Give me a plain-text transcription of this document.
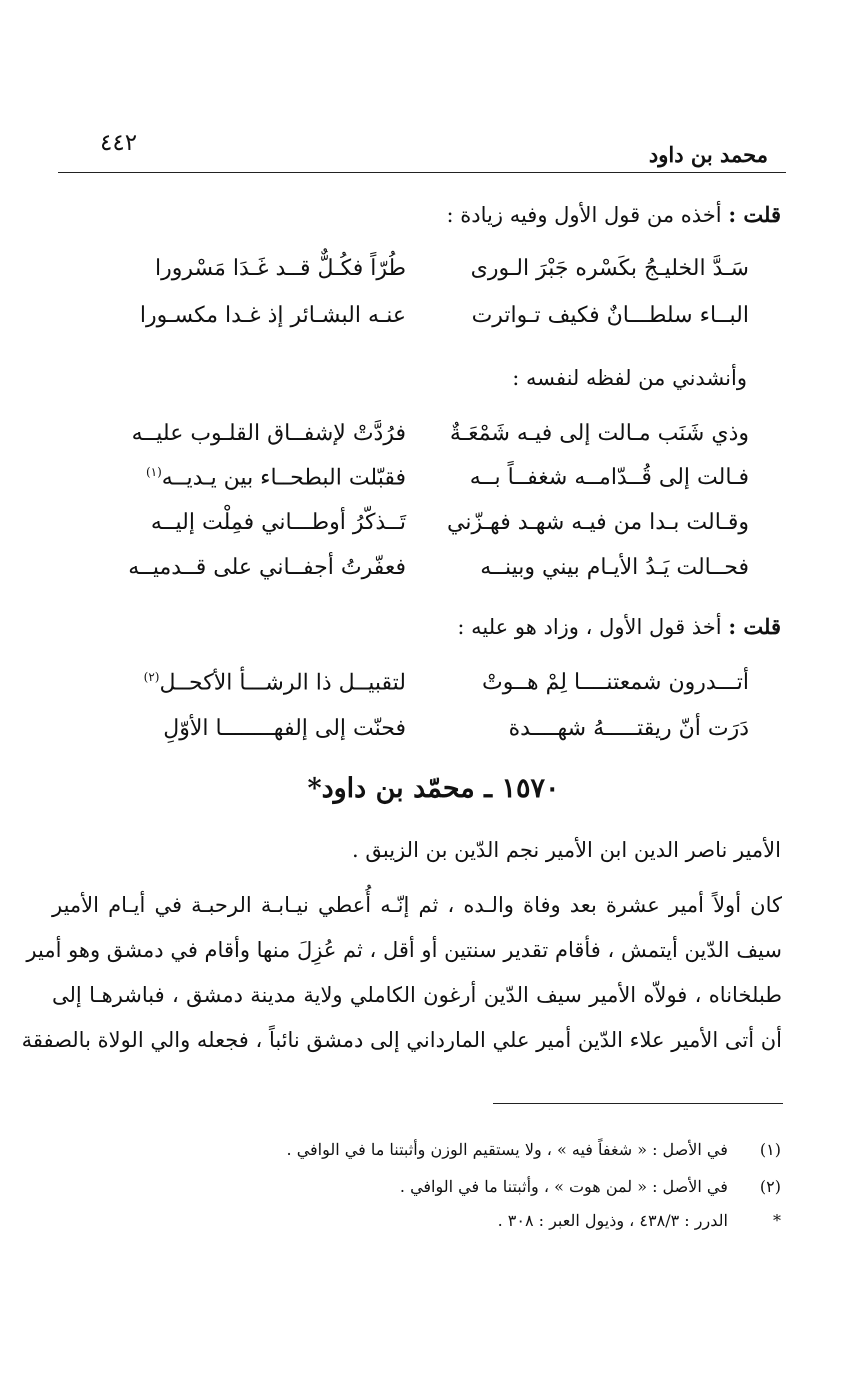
٤٤٢	محمد بن داود
قلت : أخذه من قول الأول وفيه زيادة :
سَـدَّ الخليـجُ بكَسْره جَبْرَ الـورى
طُرّاً فكُـلٌّ قــد غَـدَا مَسْرورا
البــاء سلطـــانٌ فكيف تـواترت
عنـه البشـائر إذ غـدا مكسـورا
وأنشدني من لفظه لنفسه :
وذي شَنَب مـالت إلى فيـه شَمْعَـةٌ
فرُدَّتْ لإشفــاق القلـوب عليــه
فـالت إلى قُــدّامــه شغفــاً بــه
فقبّلت البطحــاء بين يـديــه$^{(١)}$
وقـالت بـدا من فيـه شهـد فهـزّني
تَــذكّرُ أوطـــاني فمِلْت إليــه
فحــالت يَـدُ الأيـام بيني وبينــه
فعفّرتُ أجفــاني على قــدميــه
قلت : أخذ قول الأول ، وزاد هو عليه :
أتـــدرون شمعتنــــا لِمْ هــوتْ
لتقبيــل ذا الرشـــأ الأكحــل$^{(٢)}$
دَرَت أنّ ريقتـــــهُ شهــــدة
فحنّت إلى إلفهــــــــا الأوّلِ
١٥٧٠ ـ محمّد بن داود*
الأمير ناصر الدين ابن الأمير نجم الدّين بن الزيبق .
كان أولاً أمير عشرة بعد وفاة والـده ، ثم إنّـه أُعطي نيـابـة الرحبـة في أيـام الأمير
سيف الدّين أيتمش ، فأقام تقدير سنتين أو أقل ، ثم عُزِلَ منها وأقام في دمشق وهو أمير
طبلخاناه ، فولاّه الأمير سيف الدّين أرغون الكاملي ولاية مدينة دمشق ، فباشرهـا إلى
أن أتى الأمير علاء الدّين أمير علي المارداني إلى دمشق نائباً ، فجعله والي الولاة بالصفقة
(١) في الأصل : « شغفاً فيه » ، ولا يستقيم الوزن وأثبتنا ما في الوافي .
(٢) في الأصل : « لمن هوت » ، وأثبتنا ما في الوافي .
* الدرر : ٤٣٨/٣ ، وذيول العبر : ٣٠٨ .
